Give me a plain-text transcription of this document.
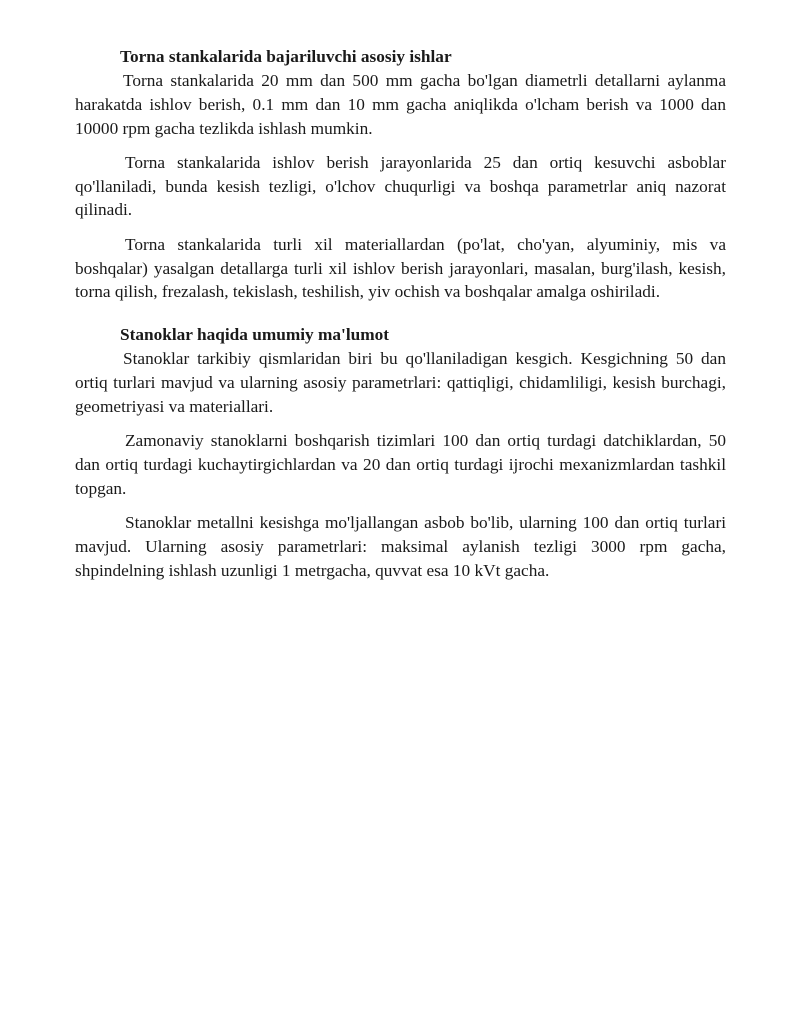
Torna stankalarida bajariluvchi asosiy ishlar

Torna stankalarida 20 mm dan 500 mm gacha bo'lgan diametrli detallarni aylanma harakatda ishlov berish, 0.1 mm dan 10 mm gacha aniqlikda o'lcham berish va 1000 dan 10000 rpm gacha tezlikda ishlash mumkin.

Torna stankalarida ishlov berish jarayonlarida 25 dan ortiq kesuvchi asboblar qo'llaniladi, bunda kesish tezligi, o'lchov chuqurligi va boshqa parametrlar aniq nazorat qilinadi.

Torna stankalarida turli xil materiallardan (po'lat, cho'yan, alyuminiy, mis va boshqalar) yasalgan detallarga turli xil ishlov berish jarayonlari, masalan, burg'ilash, kesish, torna qilish, frezalash, tekislash, teshilish, yiv ochish va boshqalar amalga oshiriladi.

Stanoklar haqida umumiy ma'lumot

Stanoklar tarkibiy qismlaridan biri bu qo'llaniladigan kesgich. Kesgichning 50 dan ortiq turlari mavjud va ularning asosiy parametrlari: qattiqligi, chidamliligi, kesish burchagi, geometriyasi va materiallari.

Zamonaviy stanoklarni boshqarish tizimlari 100 dan ortiq turdagi datchiklardan, 50 dan ortiq turdagi kuchaytirgichlardan va 20 dan ortiq turdagi ijrochi mexanizmlardan tashkil topgan.

Stanoklar metallni kesishga mo'ljallangan asbob bo'lib, ularning 100 dan ortiq turlari mavjud. Ularning asosiy parametrlari: maksimal aylanish tezligi 3000 rpm gacha, shpindelning ishlash uzunligi 1 metrgacha, quvvat esa 10 kVt gacha.
